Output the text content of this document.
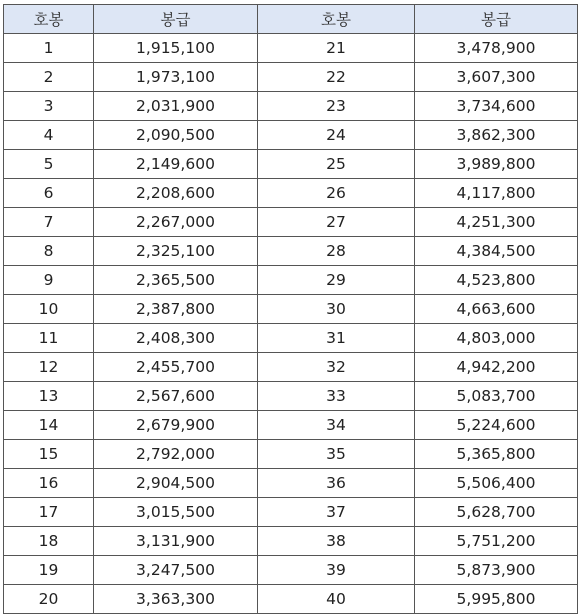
호봉	봉급	호봉	봉급
1	1,915,100	21	3,478,900
2	1,973,100	22	3,607,300
3	2,031,900	23	3,734,600
4	2,090,500	24	3,862,300
5	2,149,600	25	3,989,800
6	2,208,600	26	4,117,800
7	2,267,000	27	4,251,300
8	2,325,100	28	4,384,500
9	2,365,500	29	4,523,800
10	2,387,800	30	4,663,600
11	2,408,300	31	4,803,000
12	2,455,700	32	4,942,200
13	2,567,600	33	5,083,700
14	2,679,900	34	5,224,600
15	2,792,000	35	5,365,800
16	2,904,500	36	5,506,400
17	3,015,500	37	5,628,700
18	3,131,900	38	5,751,200
19	3,247,500	39	5,873,900
20	3,363,300	40	5,995,800
